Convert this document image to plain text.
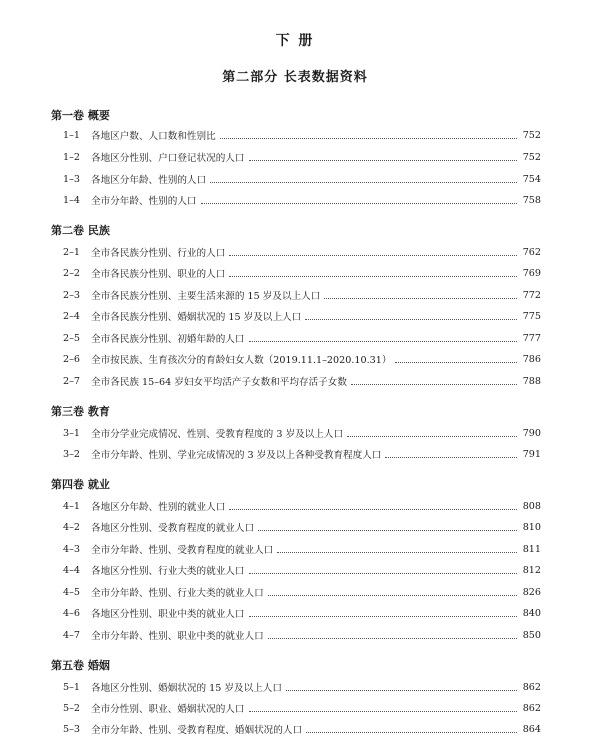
下 册
第二部分 长表数据资料
第一卷 概要
1–1	各地区户数、人口数和性别比	752
1–2	各地区分性别、户口登记状况的人口	752
1–3	各地区分年龄、性别的人口	754
1–4	全市分年龄、性别的人口	758
第二卷 民族
2–1	全市各民族分性别、行业的人口	762
2–2	全市各民族分性别、职业的人口	769
2–3	全市各民族分性别、主要生活来源的 15 岁及以上人口	772
2–4	全市各民族分性别、婚姻状况的 15 岁及以上人口	775
2–5	全市各民族分性别、初婚年龄的人口	777
2–6	全市按民族、生育孩次分的育龄妇女人数（2019.11.1–2020.10.31）	786
2–7	全市各民族 15–64 岁妇女平均活产子女数和平均存活子女数	788
第三卷 教育
3–1	全市分学业完成情况、性别、受教育程度的 3 岁及以上人口	790
3–2	全市分年龄、性别、学业完成情况的 3 岁及以上各种受教育程度人口	791
第四卷 就业
4–1	各地区分年龄、性别的就业人口	808
4–2	各地区分性别、受教育程度的就业人口	810
4–3	全市分年龄、性别、受教育程度的就业人口	811
4–4	各地区分性别、行业大类的就业人口	812
4–5	全市分年龄、性别、行业大类的就业人口	826
4–6	各地区分性别、职业中类的就业人口	840
4–7	全市分年龄、性别、职业中类的就业人口	850
第五卷 婚姻
5–1	各地区分性别、婚姻状况的 15 岁及以上人口	862
5–2	全市分性别、职业、婚姻状况的人口	862
5–3	全市分年龄、性别、受教育程度、婚姻状况的人口	864
